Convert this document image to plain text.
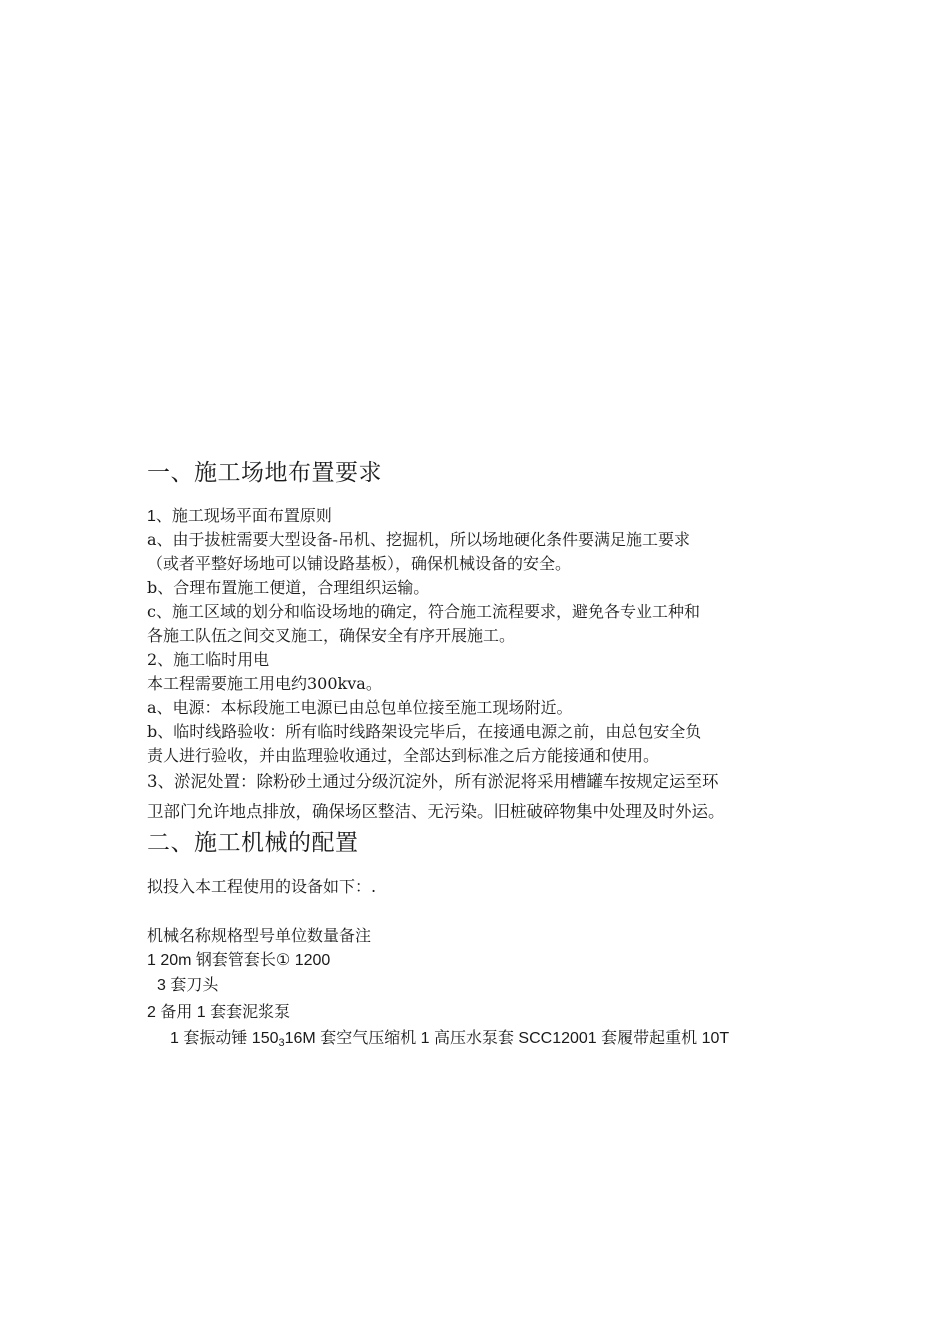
一、施工场地布置要求
1、施工现场平面布置原则
a、由于拔桩需要大型设备-吊机、挖掘机，所以场地硬化条件要满足施工要求
（或者平整好场地可以铺设路基板），确保机械设备的安全。
b、合理布置施工便道，合理组织运输。
c、施工区域的划分和临设场地的确定，符合施工流程要求，避免各专业工种和
各施工队伍之间交叉施工，确保安全有序开展施工。
2、施工临时用电
本工程需要施工用电约300kva。
a、电源：本标段施工电源已由总包单位接至施工现场附近。
b、临时线路验收：所有临时线路架设完毕后，在接通电源之前，由总包安全负
责人进行验收，并由监理验收通过，全部达到标准之后方能接通和使用。
3、淤泥处置：除粉砂土通过分级沉淀外，所有淤泥将采用槽罐车按规定运至环
卫部门允许地点排放，确保场区整洁、无污染。旧桩破碎物集中处理及时外运。
二、施工机械的配置
拟投入本工程使用的设备如下：.
机械名称规格型号单位数量备注
1 20m 钢套管套长① 1200
3 套刀头
2 备用 1 套套泥浆泵
1 套振动锤 $150_316M$ 套空气压缩机 1 高压水泵套 SCC12001 套履带起重机 10T
